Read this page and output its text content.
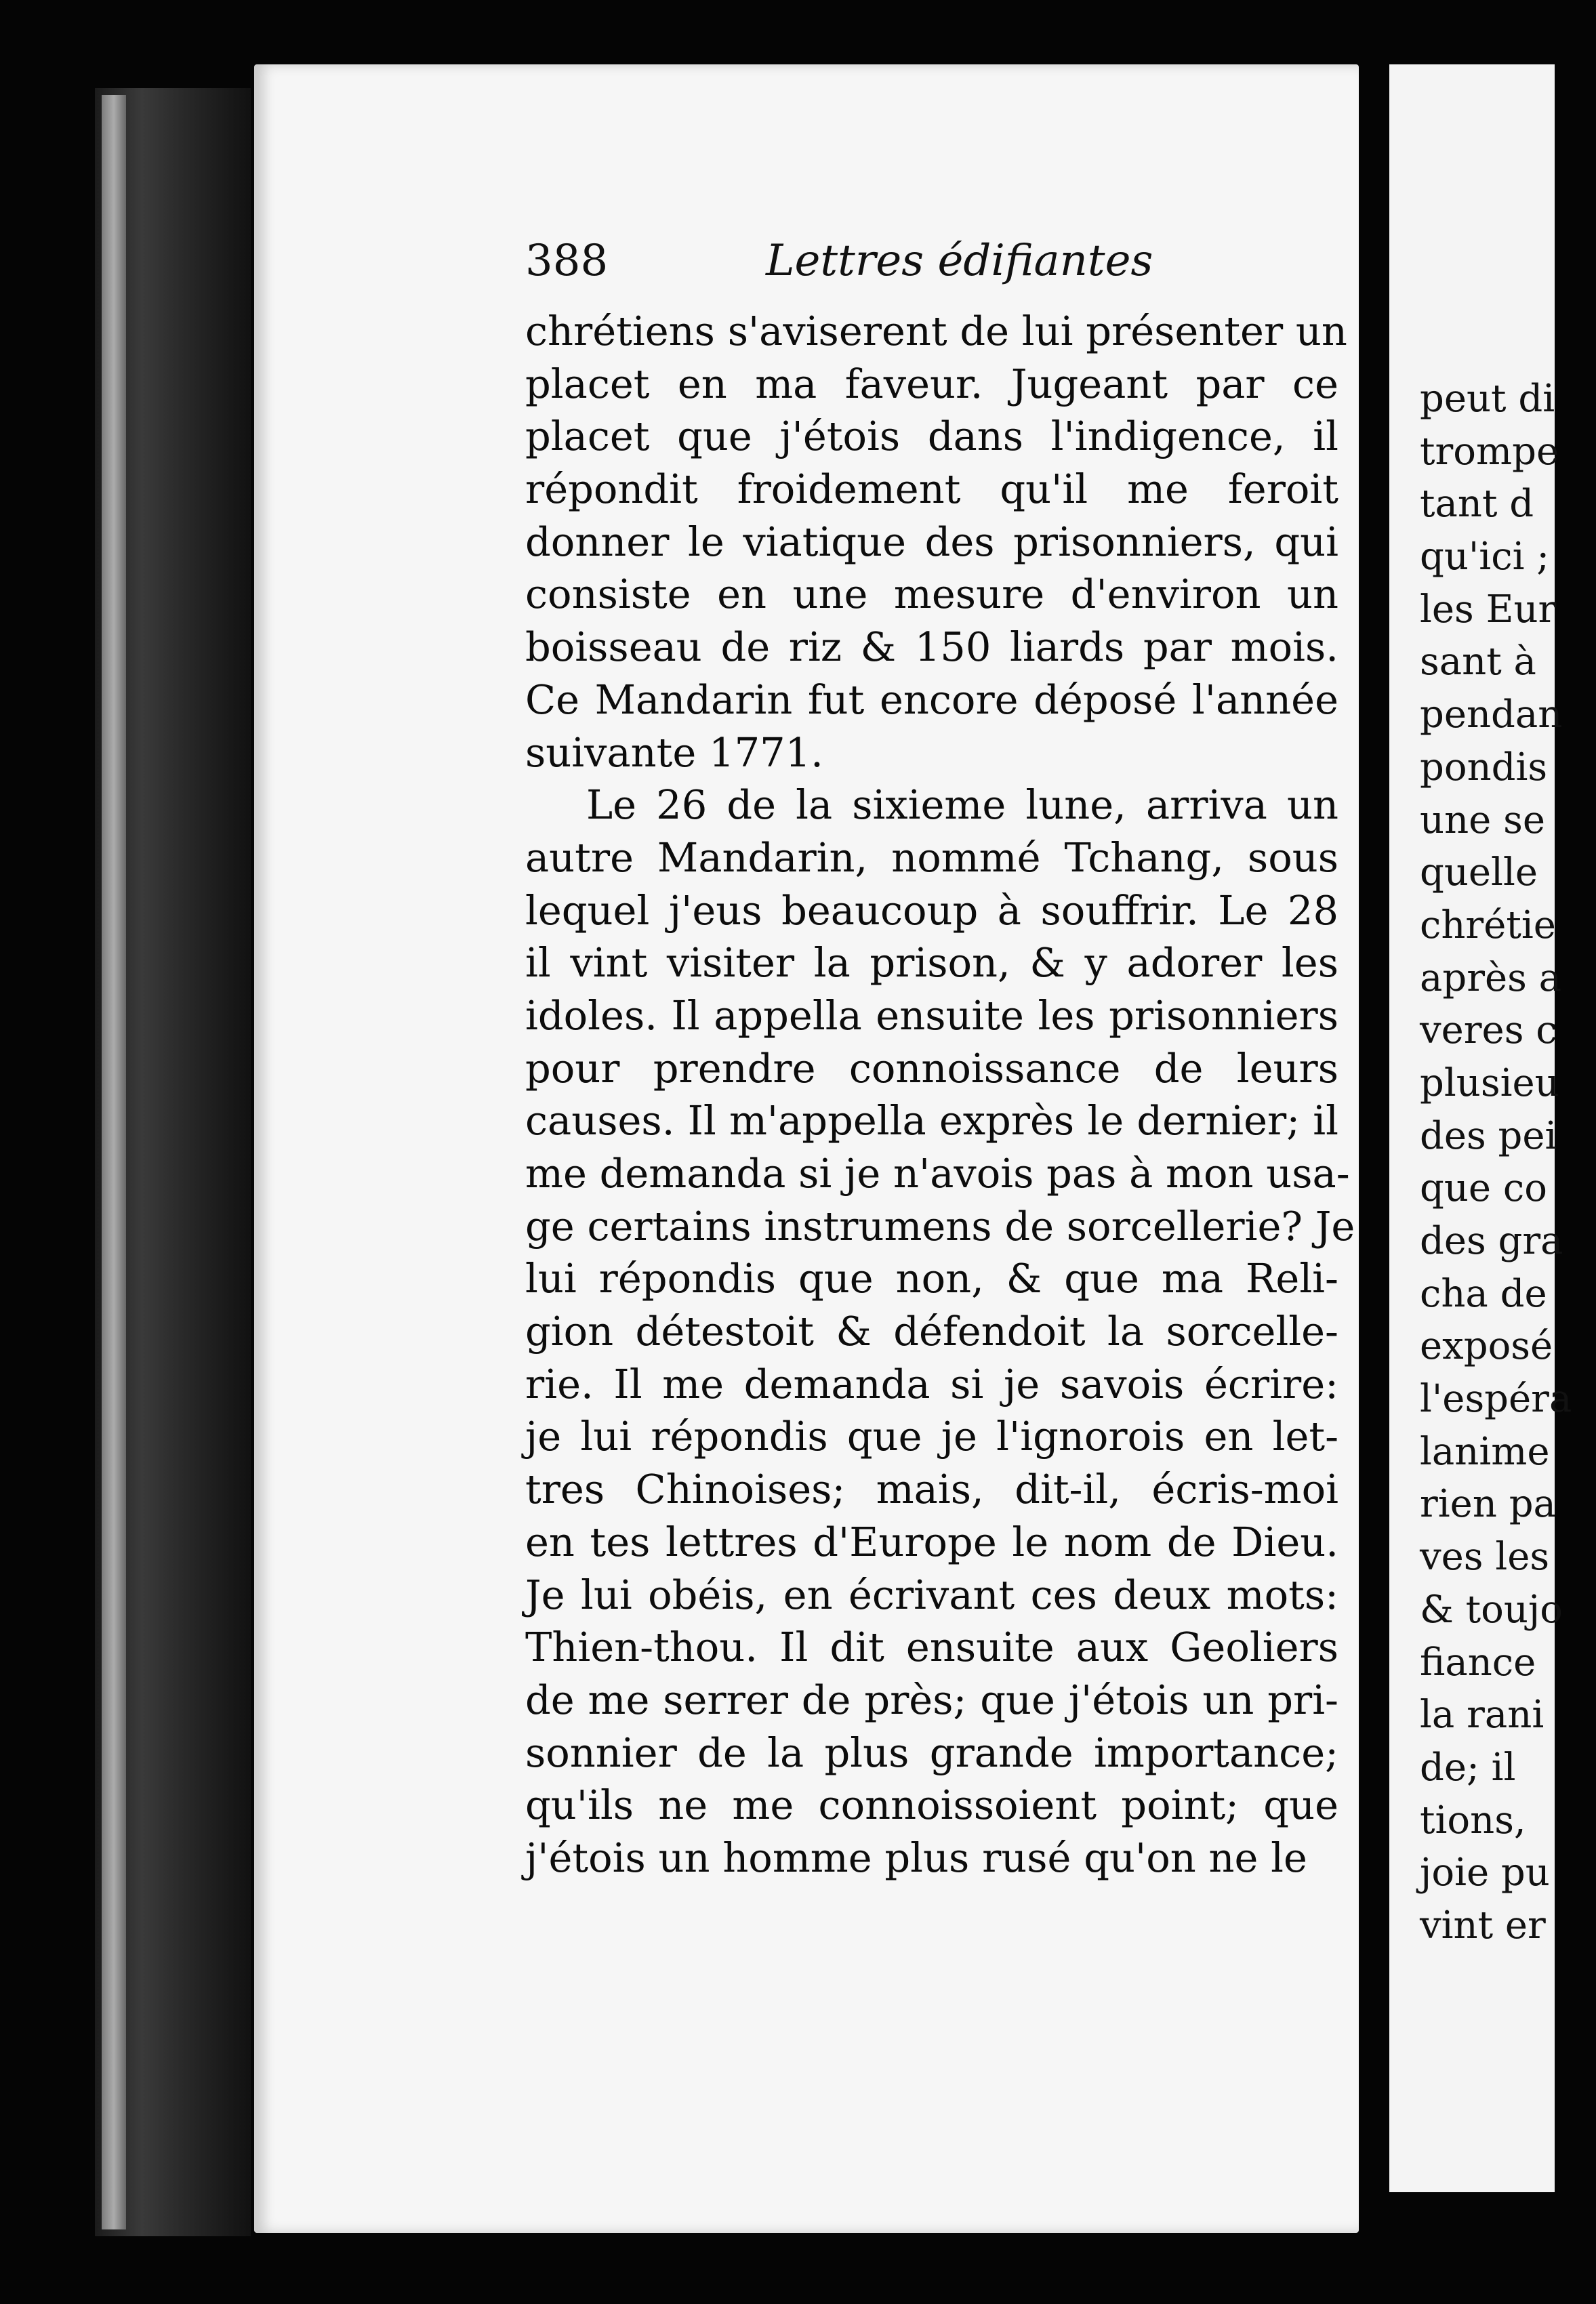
peut di
trompe
tant d
qu'ici ;
les Eur
sant à
pendan
pondis
une se
quelle
chrétie
après a
veres c
plusieu
des pei
que co
des gra
cha de
exposé
l'espéra
lanime
rien pa
ves les
& toujo
fiance
la rani
de; il
tions,
joie pu
vint er
388	Lettres édifiantes
chrétiens s'aviserent de lui présenter un
placet en ma faveur. Jugeant par ce
placet que j'étois dans l'indigence, il
répondit froidement qu'il me feroit
donner le viatique des prisonniers, qui
consiste en une mesure d'environ un
boisseau de riz & 150 liards par mois.
Ce Mandarin fut encore déposé l'année
suivante 1771.
Le 26 de la sixieme lune, arriva un
autre Mandarin, nommé Tchang, sous
lequel j'eus beaucoup à souffrir. Le 28
il vint visiter la prison, & y adorer les
idoles. Il appella ensuite les prisonniers
pour prendre connoissance de leurs
causes. Il m'appella exprès le dernier; il
me demanda si je n'avois pas à mon usa-
ge certains instrumens de sorcellerie? Je
lui répondis que non, & que ma Reli-
gion détestoit & défendoit la sorcelle-
rie. Il me demanda si je savois écrire:
je lui répondis que je l'ignorois en let-
tres Chinoises; mais, dit-il, écris-moi
en tes lettres d'Europe le nom de Dieu.
Je lui obéis, en écrivant ces deux mots:
Thien-thou. Il dit ensuite aux Geoliers
de me serrer de près; que j'étois un pri-
sonnier de la plus grande importance;
qu'ils ne me connoissoient point; que
j'étois un homme plus rusé qu'on ne le
